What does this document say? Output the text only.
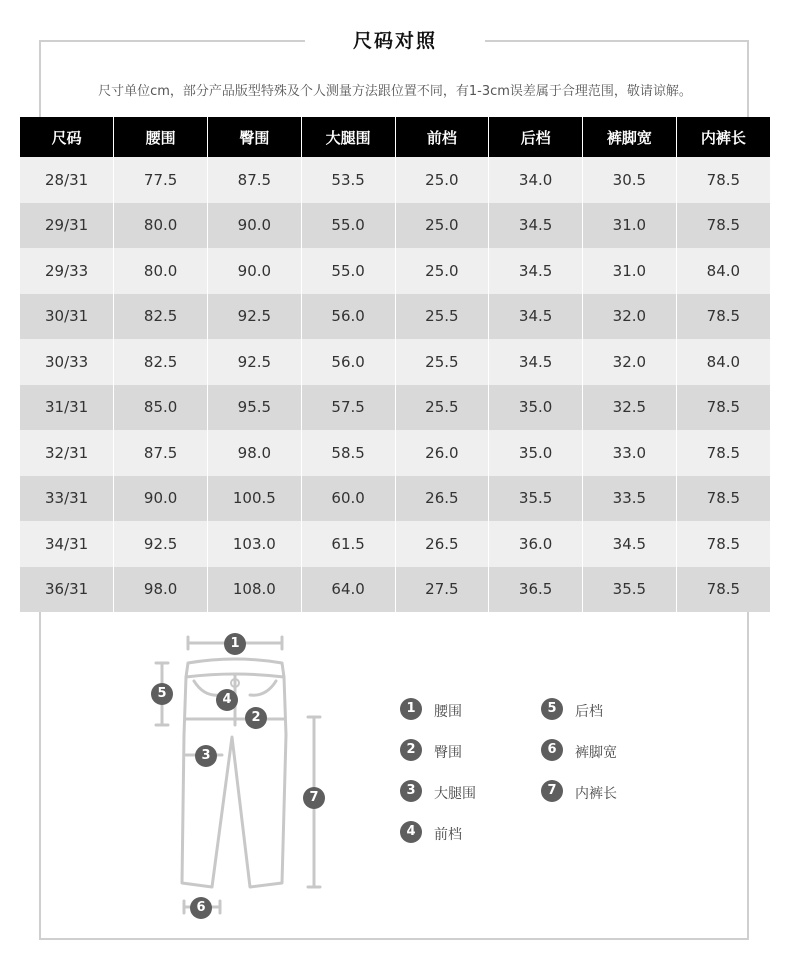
尺码对照
尺寸单位cm，部分产品版型特殊及个人测量方法跟位置不同，有1-3cm误差属于合理范围，敬请谅解。
尺码	腰围	臀围	大腿围	前档	后档	裤脚宽	内裤长
28/31	77.5	87.5	53.5	25.0	34.0	30.5	78.5
29/31	80.0	90.0	55.0	25.0	34.5	31.0	78.5
29/33	80.0	90.0	55.0	25.0	34.5	31.0	84.0
30/31	82.5	92.5	56.0	25.5	34.5	32.0	78.5
30/33	82.5	92.5	56.0	25.5	34.5	32.0	84.0
31/31	85.0	95.5	57.5	25.5	35.0	32.5	78.5
32/31	87.5	98.0	58.5	26.0	35.0	33.0	78.5
33/31	90.0	100.5	60.0	26.5	35.5	33.5	78.5
34/31	92.5	103.0	61.5	26.5	36.0	34.5	78.5
36/31	98.0	108.0	64.0	27.5	36.5	35.5	78.5
1
2
3
4
5
6
7
1	腰围
2	臀围
3	大腿围
4	前档
5	后档
6	裤脚宽
7	内裤长
